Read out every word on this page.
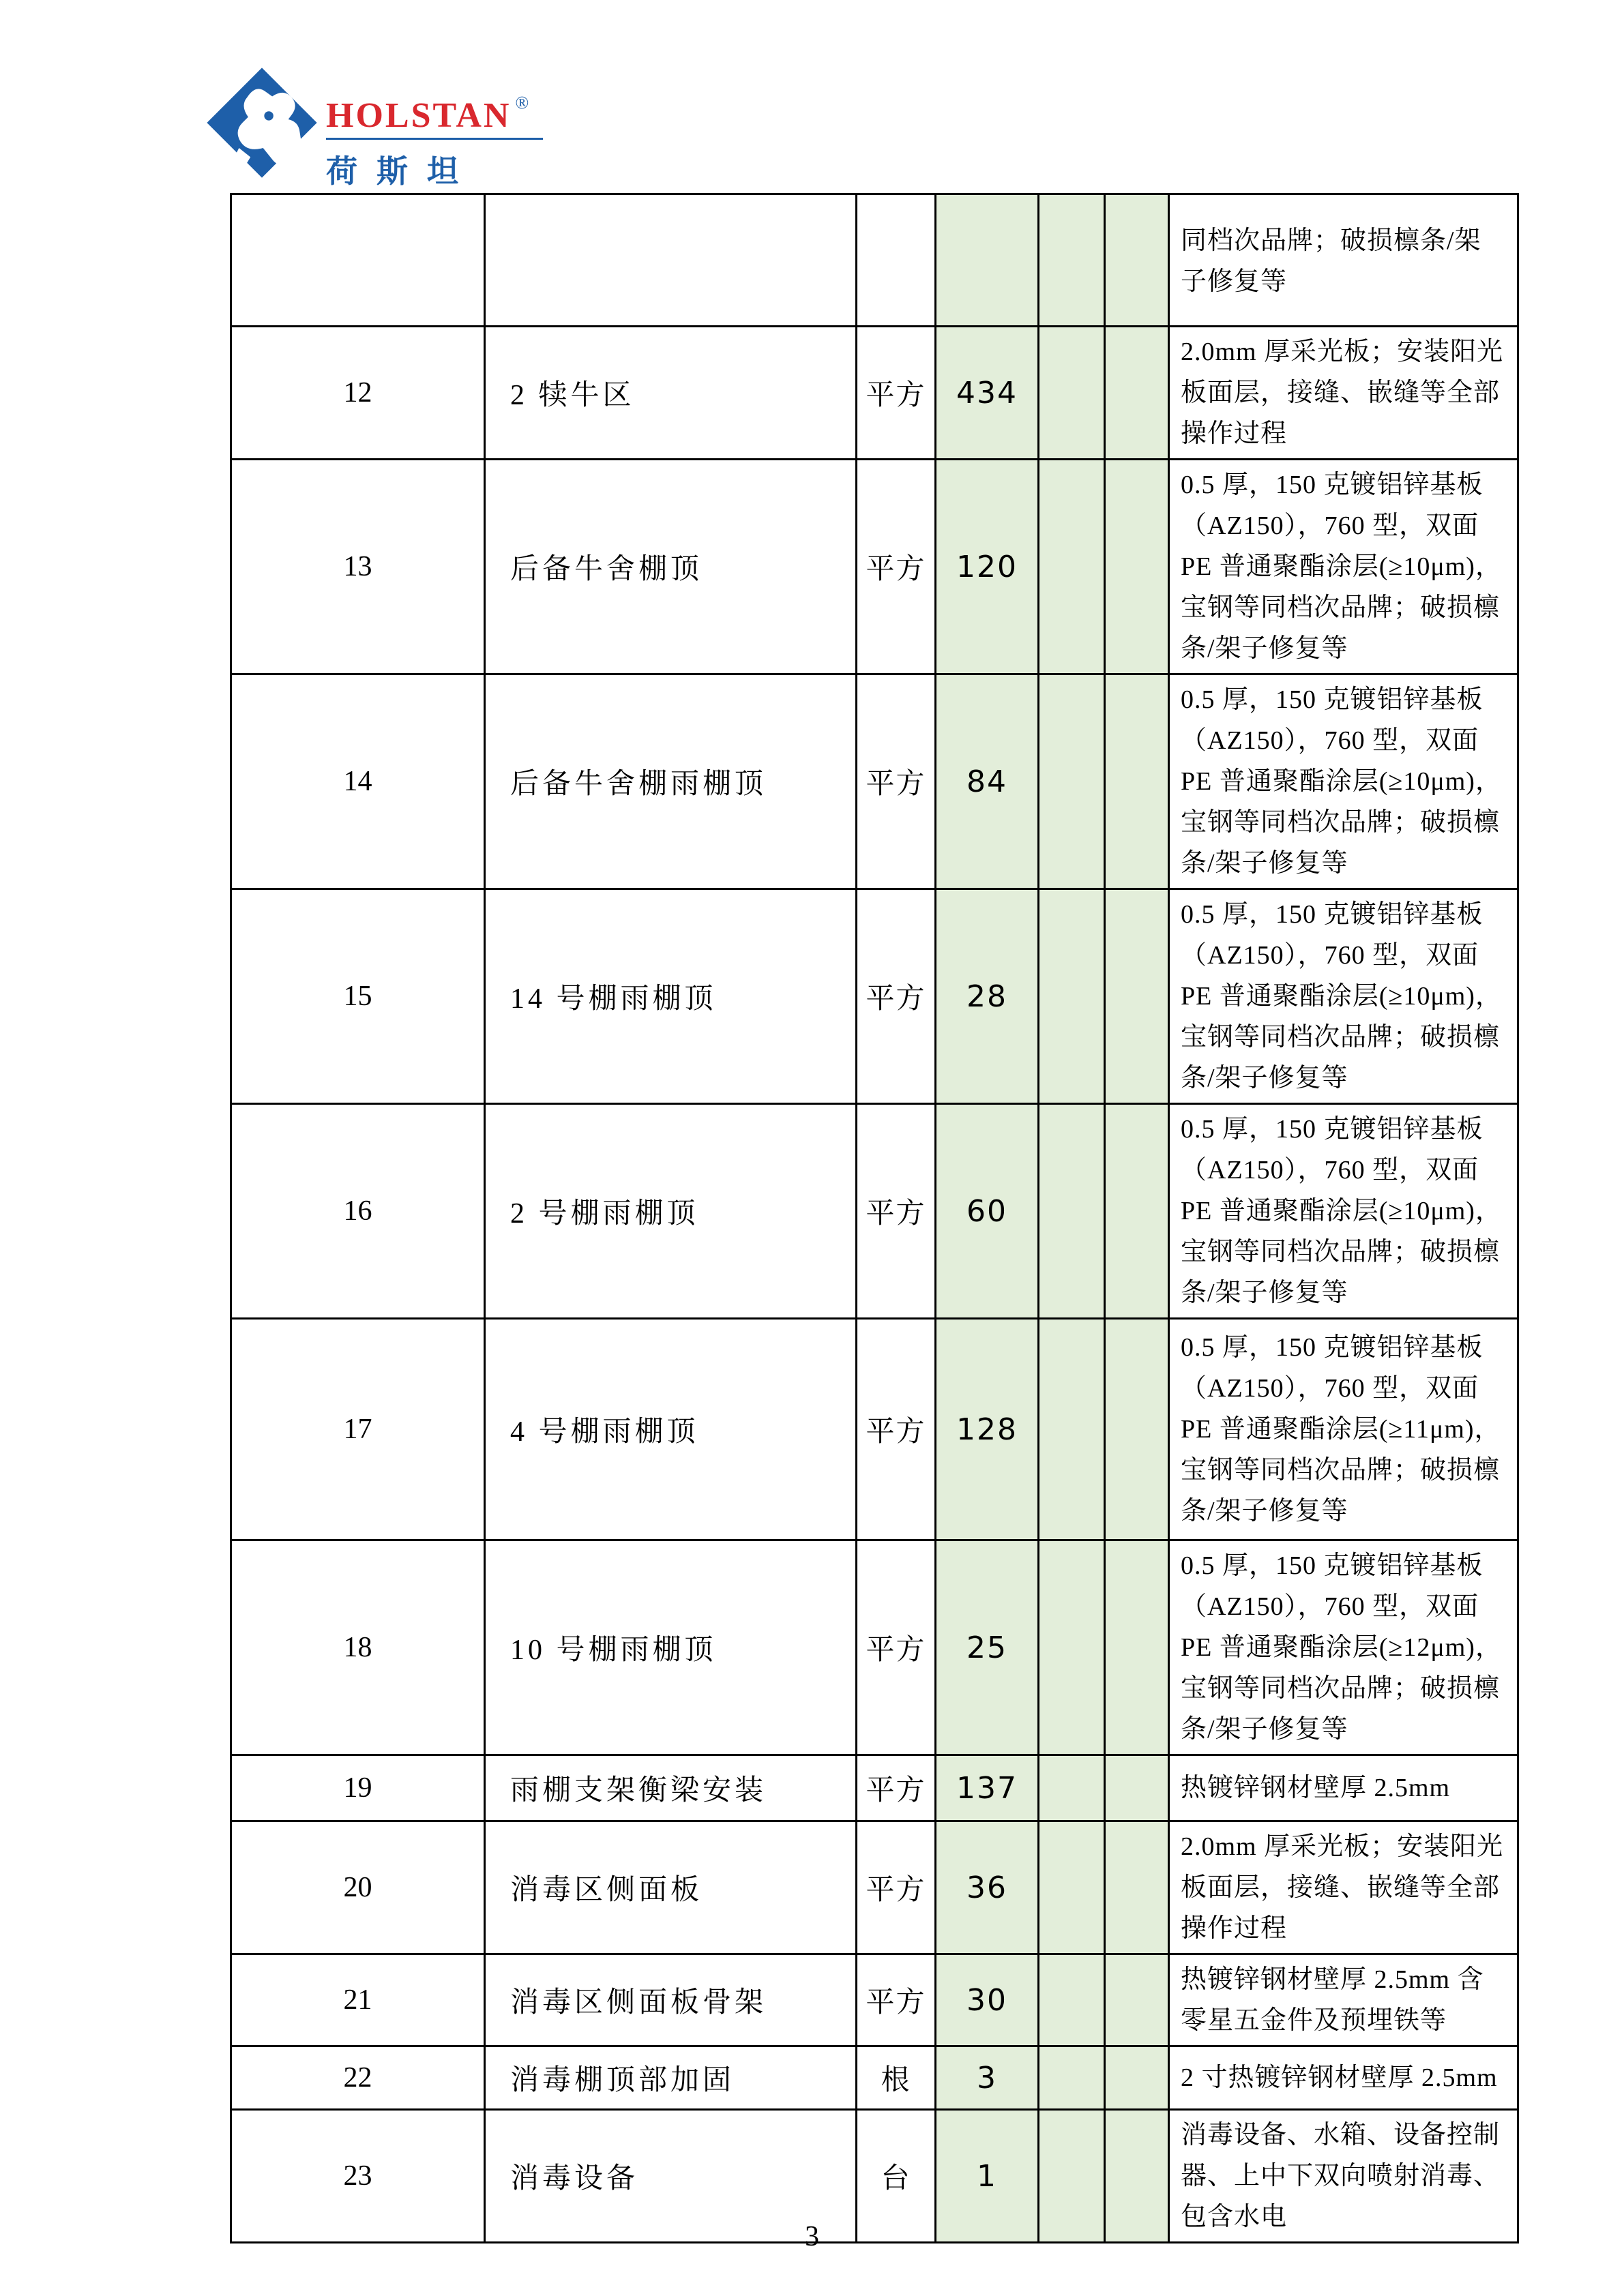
HOLSTAN ®
荷斯坦
						同档次品牌；破损檩条/架子修复等
12	2 犊牛区	平方	434			2.0mm 厚采光板；安装阳光板面层，接缝、嵌缝等全部操作过程
13	后备牛舍棚顶	平方	120			0.5 厚，150 克镀铝锌基板（AZ150），760 型，双面 PE 普通聚酯涂层(≥10μm)，宝钢等同档次品牌；破损檩条/架子修复等
14	后备牛舍棚雨棚顶	平方	84			0.5 厚，150 克镀铝锌基板（AZ150），760 型，双面 PE 普通聚酯涂层(≥10μm)，宝钢等同档次品牌；破损檩条/架子修复等
15	14 号棚雨棚顶	平方	28			0.5 厚，150 克镀铝锌基板（AZ150），760 型，双面 PE 普通聚酯涂层(≥10μm)，宝钢等同档次品牌；破损檩条/架子修复等
16	2 号棚雨棚顶	平方	60			0.5 厚，150 克镀铝锌基板（AZ150），760 型，双面 PE 普通聚酯涂层(≥10μm)，宝钢等同档次品牌；破损檩条/架子修复等
17	4 号棚雨棚顶	平方	128			0.5 厚，150 克镀铝锌基板（AZ150），760 型，双面 PE 普通聚酯涂层(≥11μm)，宝钢等同档次品牌；破损檩条/架子修复等
18	10 号棚雨棚顶	平方	25			0.5 厚，150 克镀铝锌基板（AZ150），760 型，双面 PE 普通聚酯涂层(≥12μm)，宝钢等同档次品牌；破损檩条/架子修复等
19	雨棚支架衡梁安装	平方	137			热镀锌钢材壁厚 2.5mm
20	消毒区侧面板	平方	36			2.0mm 厚采光板；安装阳光板面层，接缝、嵌缝等全部操作过程
21	消毒区侧面板骨架	平方	30			热镀锌钢材壁厚 2.5mm 含零星五金件及预埋铁等
22	消毒棚顶部加固	根	3			2 寸热镀锌钢材壁厚 2.5mm
23	消毒设备	台	1			消毒设备、水箱、设备控制器、上中下双向喷射消毒、包含水电
3
